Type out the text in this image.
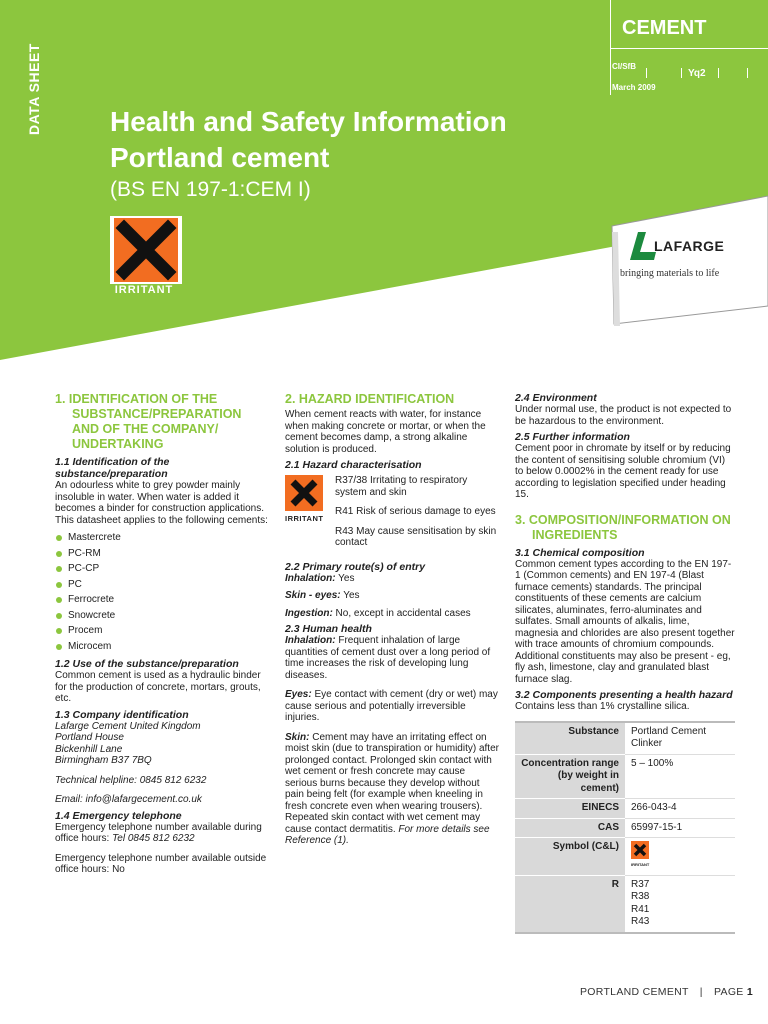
DATA SHEET
CEMENT
CI/SfB
Yq2
March 2009
Health and Safety Information
Portland cement
(BS EN 197-1:CEM I)
IRRITANT
LAFARGE
bringing materials to life
1. IDENTIFICATION OF THE SUBSTANCE/PREPARATION AND OF THE COMPANY/ UNDERTAKING
1.1 Identification of the substance/preparation

An odourless white to grey powder mainly insoluble in water. When water is added it becomes a binder for construction applications. This datasheet applies to the following cements:

Mastercrete
PC-RM
PC-CP
PC
Ferrocrete
Snowcrete
Procem
Microcem
1.2 Use of the substance/preparation

Common cement is used as a hydraulic binder for the production of concrete, mortars, grouts, etc.

1.3 Company identification
Lafarge Cement United Kingdom
Portland House
Bickenhill Lane
Birmingham B37 7BQ

Technical helpline: 0845 812 6232

Email: info@lafargecement.co.uk

1.4 Emergency telephone

Emergency telephone number available during office hours: Tel 0845 812 6232

Emergency telephone number available outside office hours: No

2. HAZARD IDENTIFICATION

When cement reacts with water, for instance when making concrete or mortar, or when the cement becomes damp, a strong alkaline solution is produced.

2.1 Hazard characterisation
IRRITANT
R37/38 Irritating to respiratory system and skin
R41 Risk of serious damage to eyes
R43 May cause sensitisation by skin contact
2.2 Primary route(s) of entry

Inhalation: Yes

Skin - eyes: Yes

Ingestion: No, except in accidental cases

2.3 Human health

Inhalation: Frequent inhalation of large quantities of cement dust over a long period of time increases the risk of developing lung diseases.

Eyes: Eye contact with cement (dry or wet) may cause serious and potentially irreversible injuries.

Skin: Cement may have an irritating effect on moist skin (due to transpiration or humidity) after prolonged contact. Prolonged skin contact with wet cement or fresh concrete may cause serious burns because they develop without pain being felt (for example when kneeling in fresh concrete even when wearing trousers). Repeated skin contact with wet cement may cause contact dermatitis. For more details see Reference (1).

2.4 Environment

Under normal use, the product is not expected to be hazardous to the environment.

2.5 Further information

Cement poor in chromate by itself or by reducing the content of sensitising soluble chromium (VI) to below 0.0002% in the cement ready for use according to legislation specified under heading 15.

3. COMPOSITION/INFORMATION ON INGREDIENTS
3.1 Chemical composition

Common cement types according to the EN 197-1 (Common cements) and EN 197-4 (Blast furnace cements) standards. The principal constituents of these cements are calcium silicates, aluminates, ferro-aluminates and sulfates. Small amounts of alkalis, lime, magnesia and chlorides are also present together with trace amounts of chromium compounds. Additional constituents may also be present - eg, fly ash, limestone, clay and granulated blast furnace slag.

3.2 Components presenting a health hazard

Contains less than 1% crystalline silica.

Substance	Portland Cement Clinker
Concentration range (by weight in cement)	5 – 100%
EINECS	266-043-4
CAS	65997-15-1
Symbol (C&L)	IRRITANT

R	R37
R38
R41
R43
PORTLAND CEMENT | PAGE 1
